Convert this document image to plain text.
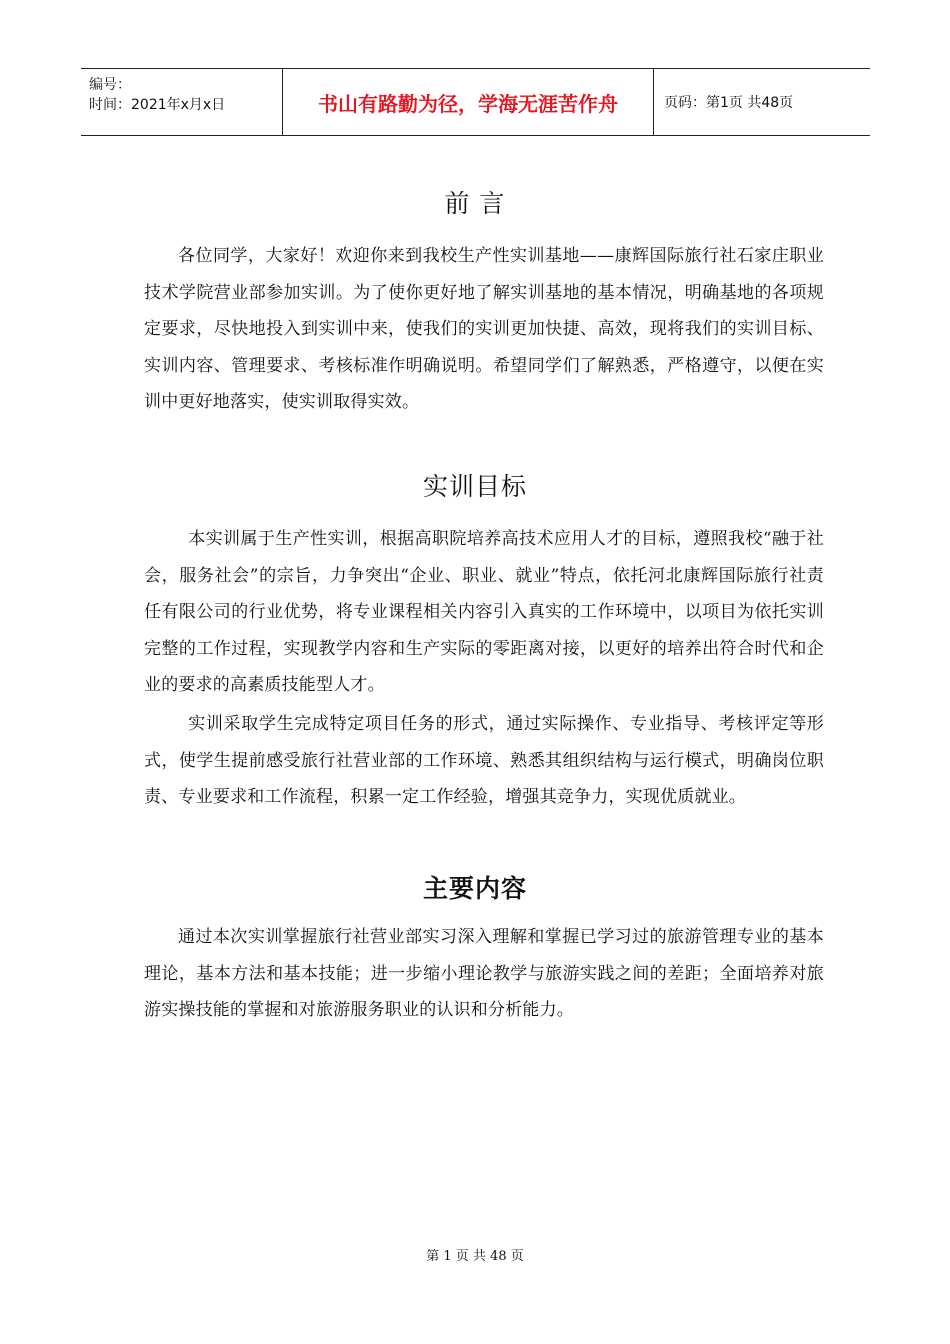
编号：
时间：2021年x月x日	书山有路勤为径，学海无涯苦作舟	页码：第1页 共48页
前 言

各位同学，大家好！欢迎你来到我校生产性实训基地——康辉国际旅行社石家庄职业技术学院营业部参加实训。为了使你更好地了解实训基地的基本情况，明确基地的各项规定要求，尽快地投入到实训中来，使我们的实训更加快捷、高效，现将我们的实训目标、实训内容、管理要求、考核标准作明确说明。希望同学们了解熟悉，严格遵守，以便在实训中更好地落实，使实训取得实效。

实训目标

本实训属于生产性实训，根据高职院培养高技术应用人才的目标，遵照我校“融于社会，服务社会”的宗旨，力争突出“企业、职业、就业”特点，依托河北康辉国际旅行社责任有限公司的行业优势，将专业课程相关内容引入真实的工作环境中，以项目为依托实训完整的工作过程，实现教学内容和生产实际的零距离对接，以更好的培养出符合时代和企业的要求的高素质技能型人才。

实训采取学生完成特定项目任务的形式，通过实际操作、专业指导、考核评定等形式，使学生提前感受旅行社营业部的工作环境、熟悉其组织结构与运行模式，明确岗位职责、专业要求和工作流程，积累一定工作经验，增强其竞争力，实现优质就业。

主要内容

通过本次实训掌握旅行社营业部实习深入理解和掌握已学习过的旅游管理专业的基本理论，基本方法和基本技能；进一步缩小理论教学与旅游实践之间的差距；全面培养对旅游实操技能的掌握和对旅游服务职业的认识和分析能力。

第 1 页 共 48 页
